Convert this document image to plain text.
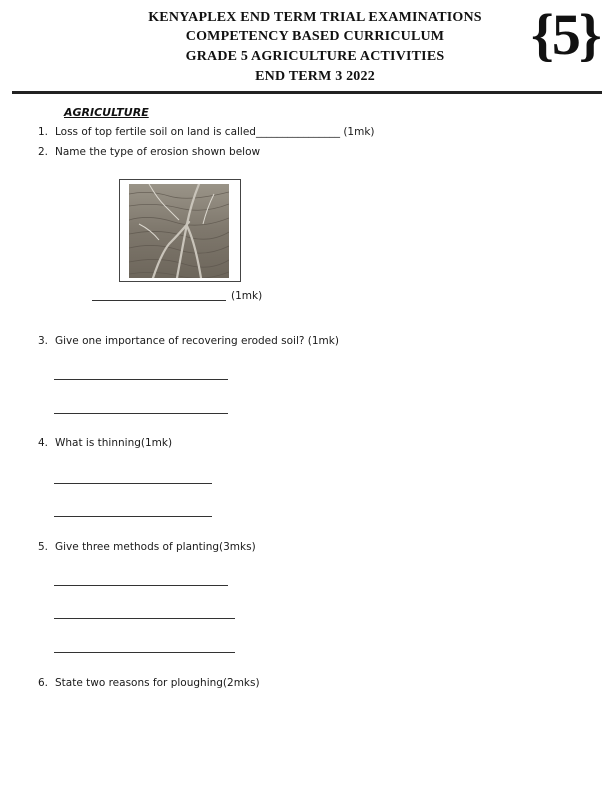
KENYAPLEX END TERM TRIAL EXAMINATIONS
COMPETENCY BASED CURRICULUM
GRADE 5 AGRICULTURE ACTIVITIES
END TERM 3 2022
{5}
AGRICULTURE
1. Loss of top fertile soil on land is called________________ (1mk)
2. Name the type of erosion shown below
(1mk)
3. Give one importance of recovering eroded soil? (1mk)
4. What is thinning(1mk)
5. Give three methods of planting(3mks)
6. State two reasons for ploughing(2mks)
